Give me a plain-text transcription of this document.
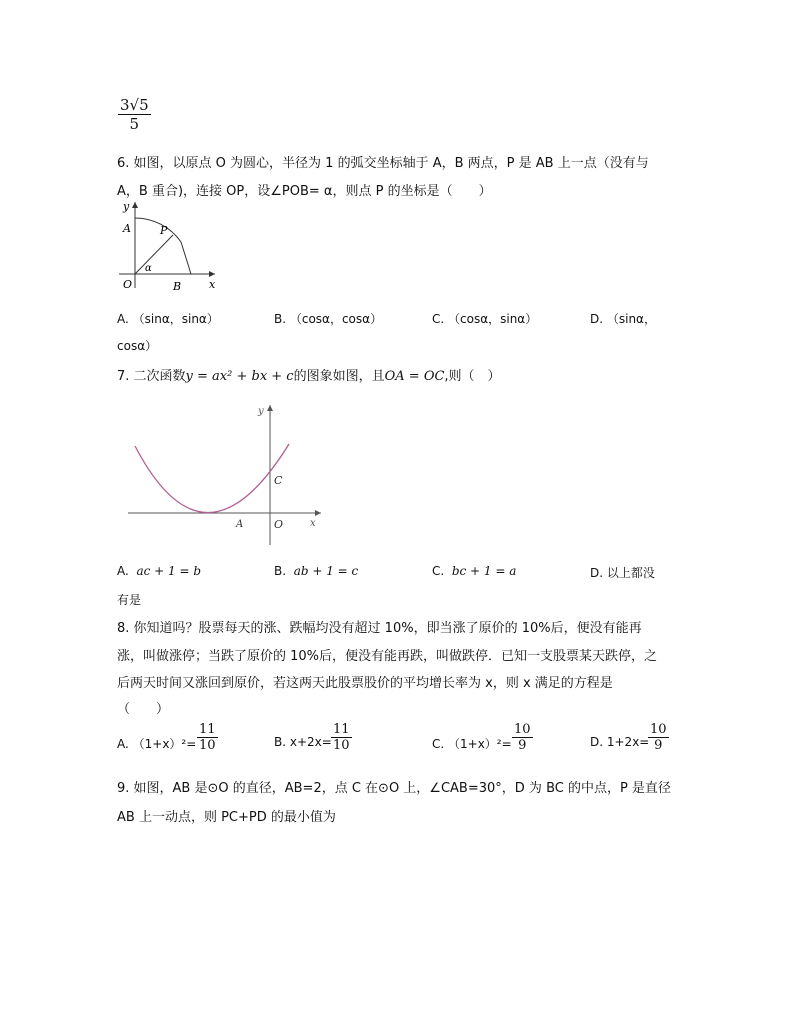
3√5
5
6. 如图，以原点 O 为圆心，半径为 1 的弧交坐标轴于 A，B 两点，P 是 AB 上一点（没有与
A，B 重合)，连接 OP，设∠POB= α，则点 P 的坐标是（　　）
y
A	P
α
O	B	x
A. （sinα，sinα）	B. （cosα，cosα）	C. （cosα，sinα）	D. （sinα，
cosα）
7. 二次函数y = ax² + bx + c的图象如图，且OA = OC,则（　）
y
C
A	O	x
A. ac + 1 = b	B. ab + 1 = c	C. bc + 1 = a	D. 以上都没
有是
8. 你知道吗？股票每天的涨、跌幅均没有超过 10%，即当涨了原价的 10%后，便没有能再
涨，叫做涨停；当跌了原价的 10%后，便没有能再跌，叫做跌停．已知一支股票某天跌停，之
后两天时间又涨回到原价，若这两天此股票股价的平均增长率为 x，则 x 满足的方程是
（　　）
A. （1+x）²=
11
10	B. x+2x=
11
10	C. （1+x）²=
10
9	D. 1+2x=
10
9
9. 如图，AB 是⊙O 的直径，AB=2，点 C 在⊙O 上，∠CAB=30°，D 为 BC 的中点，P 是直径
AB 上一动点，则 PC+PD 的最小值为
